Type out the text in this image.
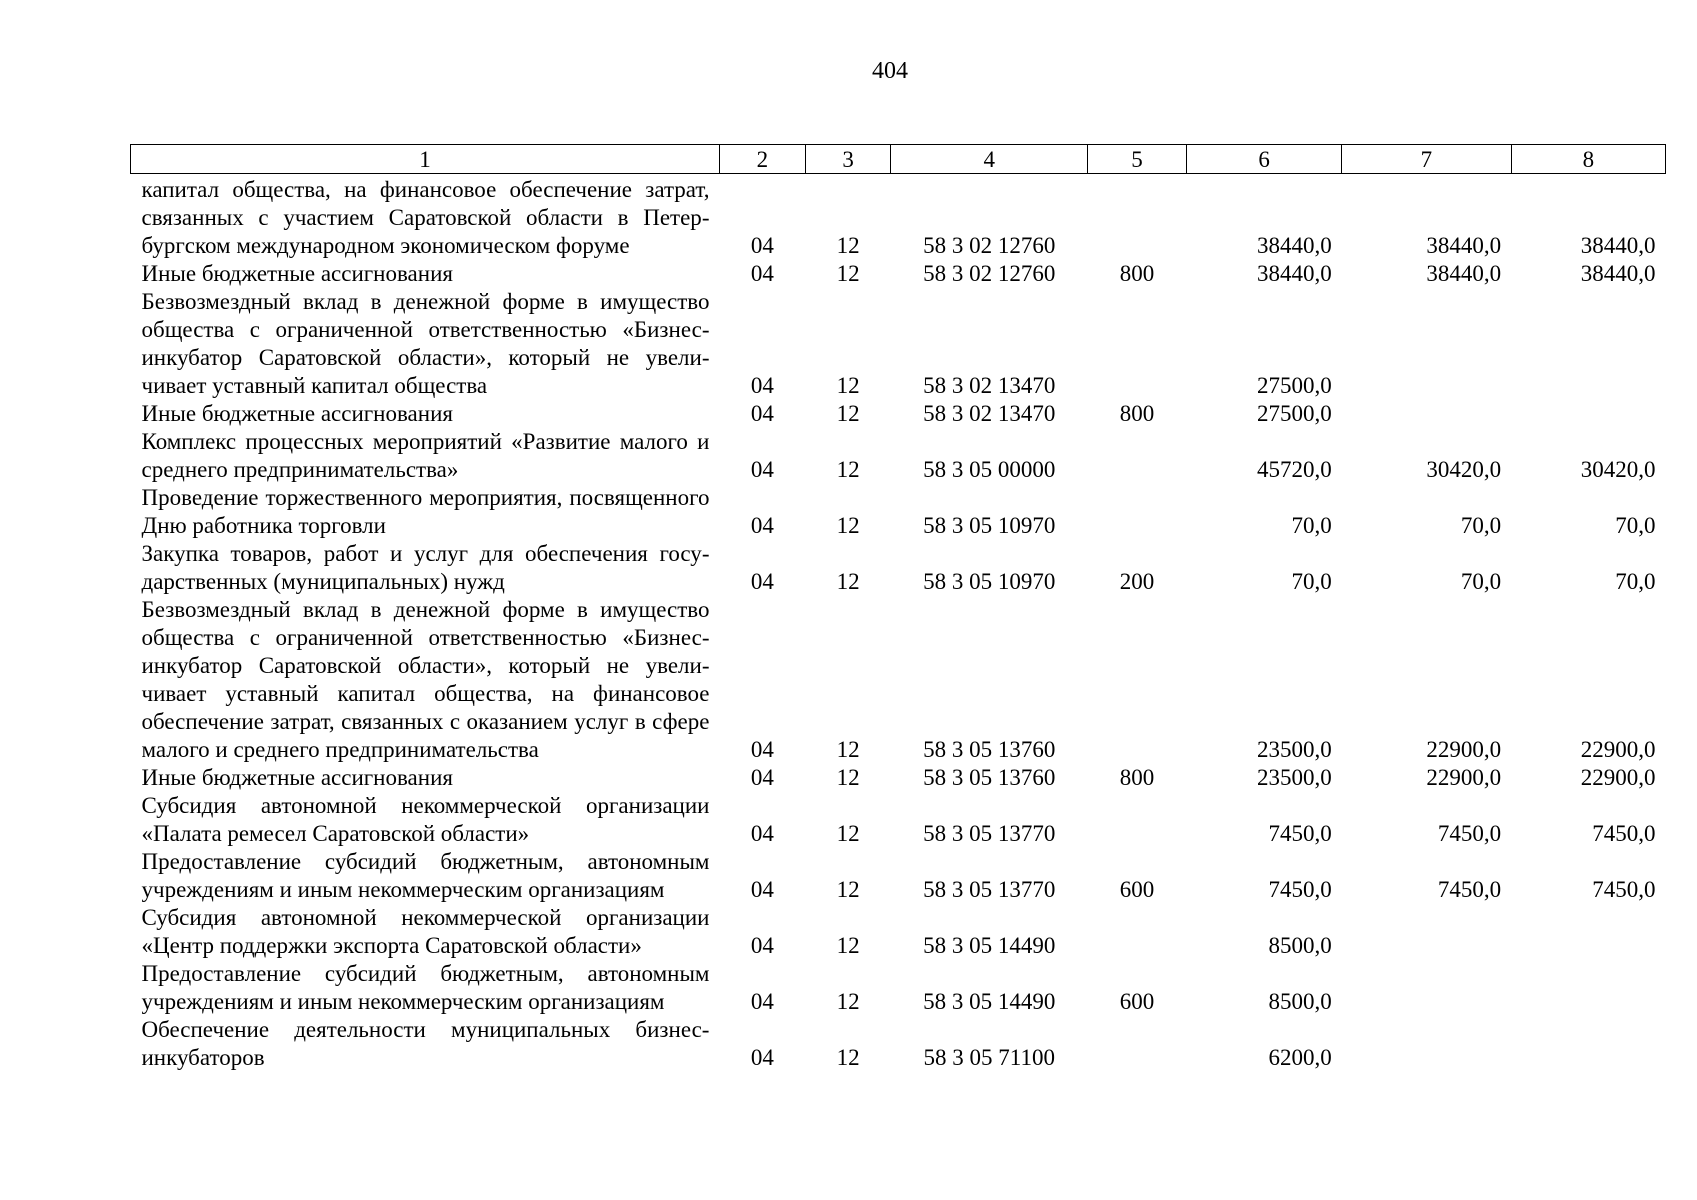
404
1	2	3	4	5	6	7	8
капитал общества, на финансовое обеспечение затрат, связанных с участием Саратовской области в Петербургском международном экономическом форуме	04	12	58 3 02 12760		38440,0	38440,0	38440,0
Иные бюджетные ассигнования	04	12	58 3 02 12760	800	38440,0	38440,0	38440,0
Безвозмездный вклад в денежной форме в имущество общества с ограниченной ответственностью «Бизнес-инкубатор Саратовской области», который не увеличивает уставный капитал общества	04	12	58 3 02 13470		27500,0		
Иные бюджетные ассигнования	04	12	58 3 02 13470	800	27500,0		
Комплекс процессных мероприятий «Развитие малого и среднего предпринимательства»	04	12	58 3 05 00000		45720,0	30420,0	30420,0
Проведение торжественного мероприятия, посвященного Дню работника торговли	04	12	58 3 05 10970		70,0	70,0	70,0
Закупка товаров, работ и услуг для обеспечения государственных (муниципальных) нужд	04	12	58 3 05 10970	200	70,0	70,0	70,0
Безвозмездный вклад в денежной форме в имущество общества с ограниченной ответственностью «Бизнес-инкубатор Саратовской области», который не увеличивает уставный капитал общества, на финансовое обеспечение затрат, связанных с оказанием услуг в сфере малого и среднего предпринимательства	04	12	58 3 05 13760		23500,0	22900,0	22900,0
Иные бюджетные ассигнования	04	12	58 3 05 13760	800	23500,0	22900,0	22900,0
Субсидия автономной некоммерческой организации «Палата ремесел Саратовской области»	04	12	58 3 05 13770		7450,0	7450,0	7450,0
Предоставление субсидий бюджетным, автономным учреждениям и иным некоммерческим организациям	04	12	58 3 05 13770	600	7450,0	7450,0	7450,0
Субсидия автономной некоммерческой организации «Центр поддержки экспорта Саратовской области»	04	12	58 3 05 14490		8500,0		
Предоставление субсидий бюджетным, автономным учреждениям и иным некоммерческим организациям	04	12	58 3 05 14490	600	8500,0		
Обеспечение деятельности муниципальных бизнес-инкубаторов	04	12	58 3 05 71100		6200,0		
